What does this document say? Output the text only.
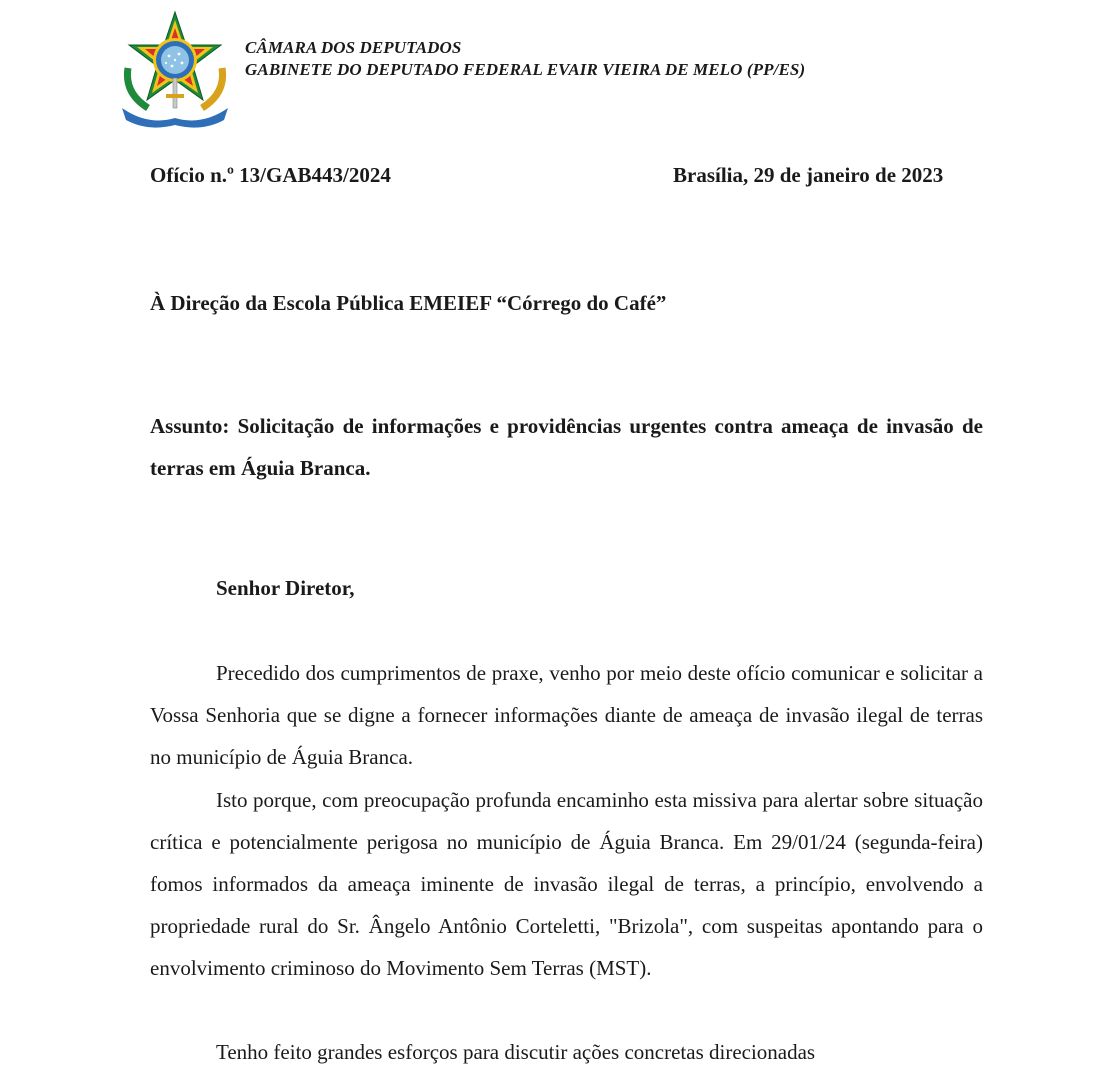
CÂMARA DOS DEPUTADOS
GABINETE DO DEPUTADO FEDERAL EVAIR VIEIRA DE MELO (PP/ES)
Ofício n.º 13/GAB443/2024	Brasília, 29 de janeiro de 2023
À Direção da Escola Pública EMEIEF “Córrego do Café”
Assunto: Solicitação de informações e providências urgentes contra ameaça de invasão de terras em Águia Branca.
Senhor Diretor,

Precedido dos cumprimentos de praxe, venho por meio deste ofício comunicar e solicitar a Vossa Senhoria que se digne a fornecer informações diante de ameaça de invasão ilegal de terras no município de Águia Branca.

Isto porque, com preocupação profunda encaminho esta missiva para alertar sobre situação crítica e potencialmente perigosa no município de Águia Branca. Em 29/01/24 (segunda-feira) fomos informados da ameaça iminente de invasão ilegal de terras, a princípio, envolvendo a propriedade rural do Sr. Ângelo Antônio Corteletti, "Brizola", com suspeitas apontando para o envolvimento criminoso do Movimento Sem Terras (MST).

Tenho feito grandes esforços para discutir ações concretas direcionadas
